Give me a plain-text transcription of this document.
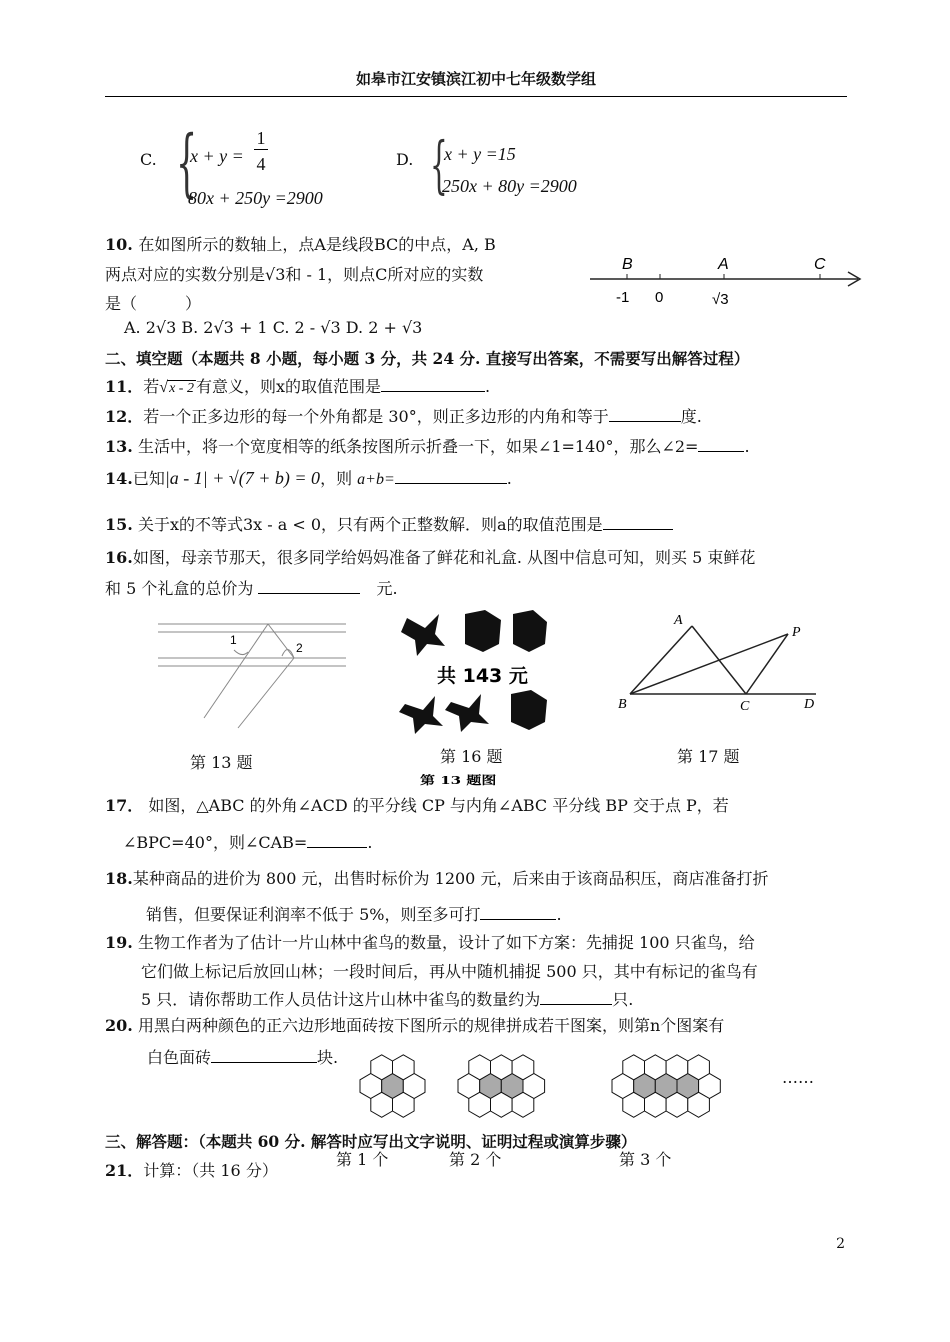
如皋市江安镇滨江初中七年级数学组
C. {
x + y =
1
4
80x + 250y =2900
D. {
x + y =15
250x + 80y =2900
10. 在如图所示的数轴上，点A是线段BC的中点，A, B
两点对应的实数分别是√3和 - 1，则点C所对应的实数
是（　　　）
A. 2√3 B. 2√3 + 1 C. 2 - √3 D. 2 + √3
B	A	C
-1 0	√3
二、填空题（本题共 8 小题，每小题 3 分，共 24 分. 直接写出答案，不需要写出解答过程）
11．若√x - 2 有意义，则x的取值范围是	.
12．若一个正多边形的每一个外角都是 30°，则正多边形的内角和等于	度.
13. 生活中，将一个宽度相等的纸条按图所示折叠一下，如果∠1=140°，那么∠2=	.
14.已知|a - 1| + √(7 + b) = 0，则 a+b=	.
15. 关于x的不等式3x - a < 0，只有两个正整数解．则a的取值范围是
16.如图，母亲节那天，很多同学给妈妈准备了鲜花和礼盒. 从图中信息可知，则买 5 束鲜花
和 5 个礼盒的总价为 　	元.
1
2
第 13 题
第 13 题图
共 143 元
第 16 题
A
P
B	C	D
第 17 题
17． 如图，△ABC 的外角∠ACD 的平分线 CP 与内角∠ABC 平分线 BP 交于点 P，若
∠BPC=40°，则∠CAB=	.
18.某种商品的进价为 800 元，出售时标价为 1200 元，后来由于该商品积压，商店准备打折
销售，但要保证利润率不低于 5%，则至多可打	.
19. 生物工作者为了估计一片山林中雀鸟的数量，设计了如下方案：先捕捉 100 只雀鸟，给
它们做上标记后放回山林；一段时间后，再从中随机捕捉 500 只，其中有标记的雀鸟有
5 只．请你帮助工作人员估计这片山林中雀鸟的数量约为	只.
20. 用黑白两种颜色的正六边形地面砖按下图所示的规律拼成若干图案，则第n个图案有
白色面砖	块.
……
三、解答题：（本题共 60 分. 解答时应写出文字说明、证明过程或演算步骤）
第 1 个	第 2 个	第 3 个
21．计算：（共 16 分）
2
